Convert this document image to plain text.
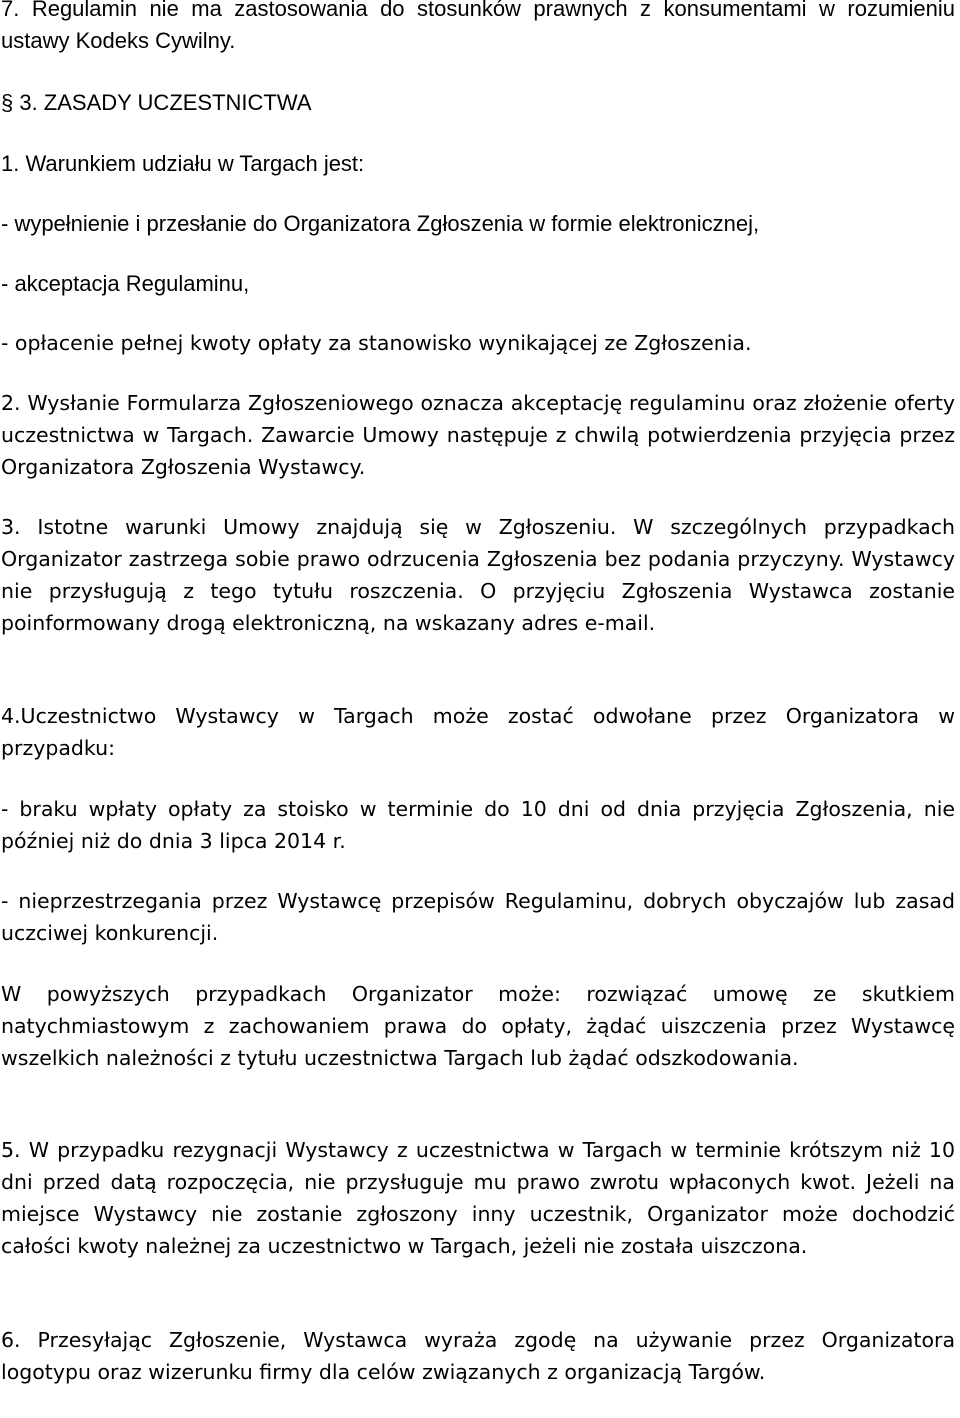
7. Regulamin nie ma zastosowania do stosunków prawnych z konsumentami w rozumieniu ustawy Kodeks Cywilny.

§ 3. ZASADY UCZESTNICTWA

1. Warunkiem udziału w Targach jest:

- wypełnienie i przesłanie do Organizatora Zgłoszenia w formie elektronicznej,

- akceptacja Regulaminu,

- opłacenie pełnej kwoty opłaty za stanowisko wynikającej ze Zgłoszenia.

2. Wysłanie Formularza Zgłoszeniowego oznacza akceptację regulaminu oraz złożenie oferty uczestnictwa w Targach. Zawarcie Umowy następuje z chwilą potwierdzenia przyjęcia przez Organizatora Zgłoszenia Wystawcy.

3. Istotne warunki Umowy znajdują się w Zgłoszeniu. W szczególnych przypadkach Organizator zastrzega sobie prawo odrzucenia Zgłoszenia bez podania przyczyny. Wystawcy nie przysługują z tego tytułu roszczenia. O przyjęciu Zgłoszenia Wystawca zostanie poinformowany drogą elektroniczną, na wskazany adres e-mail.

4.Uczestnictwo Wystawcy w Targach może zostać odwołane przez Organizatora w przypadku:

- braku wpłaty opłaty za stoisko w terminie do 10 dni od dnia przyjęcia Zgłoszenia, nie później niż do dnia 3 lipca 2014 r.

- nieprzestrzegania przez Wystawcę przepisów Regulaminu, dobrych obyczajów lub zasad uczciwej konkurencji.

W powyższych przypadkach Organizator może: rozwiązać umowę ze skutkiem natychmiastowym z zachowaniem prawa do opłaty, żądać uiszczenia przez Wystawcę wszelkich należności z tytułu uczestnictwa Targach lub żądać odszkodowania.

5. W przypadku rezygnacji Wystawcy z uczestnictwa w Targach w terminie krótszym niż 10 dni przed datą rozpoczęcia, nie przysługuje mu prawo zwrotu wpłaconych kwot. Jeżeli na miejsce Wystawcy nie zostanie zgłoszony inny uczestnik, Organizator może dochodzić całości kwoty należnej za uczestnictwo w Targach, jeżeli nie została uiszczona.

6. Przesyłając Zgłoszenie, Wystawca wyraża zgodę na używanie przez Organizatora logotypu oraz wizerunku firmy dla celów związanych z organizacją Targów.
